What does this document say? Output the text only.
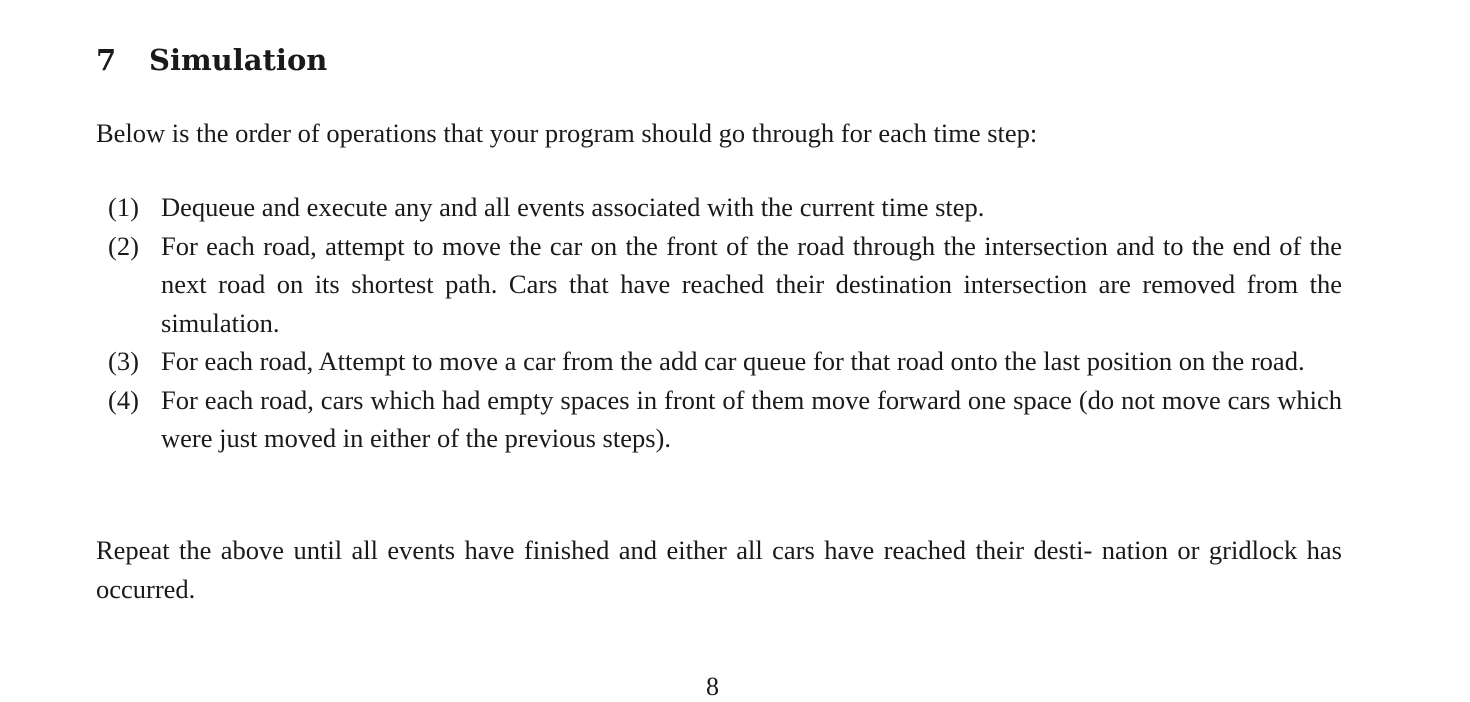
7 Simulation

Below is the order of operations that your program should go through for each time step:

(1) Dequeue and execute any and all events associated with the current time step.
(2) For each road, attempt to move the car on the front of the road through the intersection and to the end of the next road on its shortest path. Cars that have reached their destination intersection are removed from the simulation.
(3) For each road, Attempt to move a car from the add car queue for that road onto the last position on the road.
(4) For each road, cars which had empty spaces in front of them move forward one space (do not move cars which were just moved in either of the previous steps).

Repeat the above until all events have finished and either all cars have reached their desti- nation or gridlock has occurred.

8
